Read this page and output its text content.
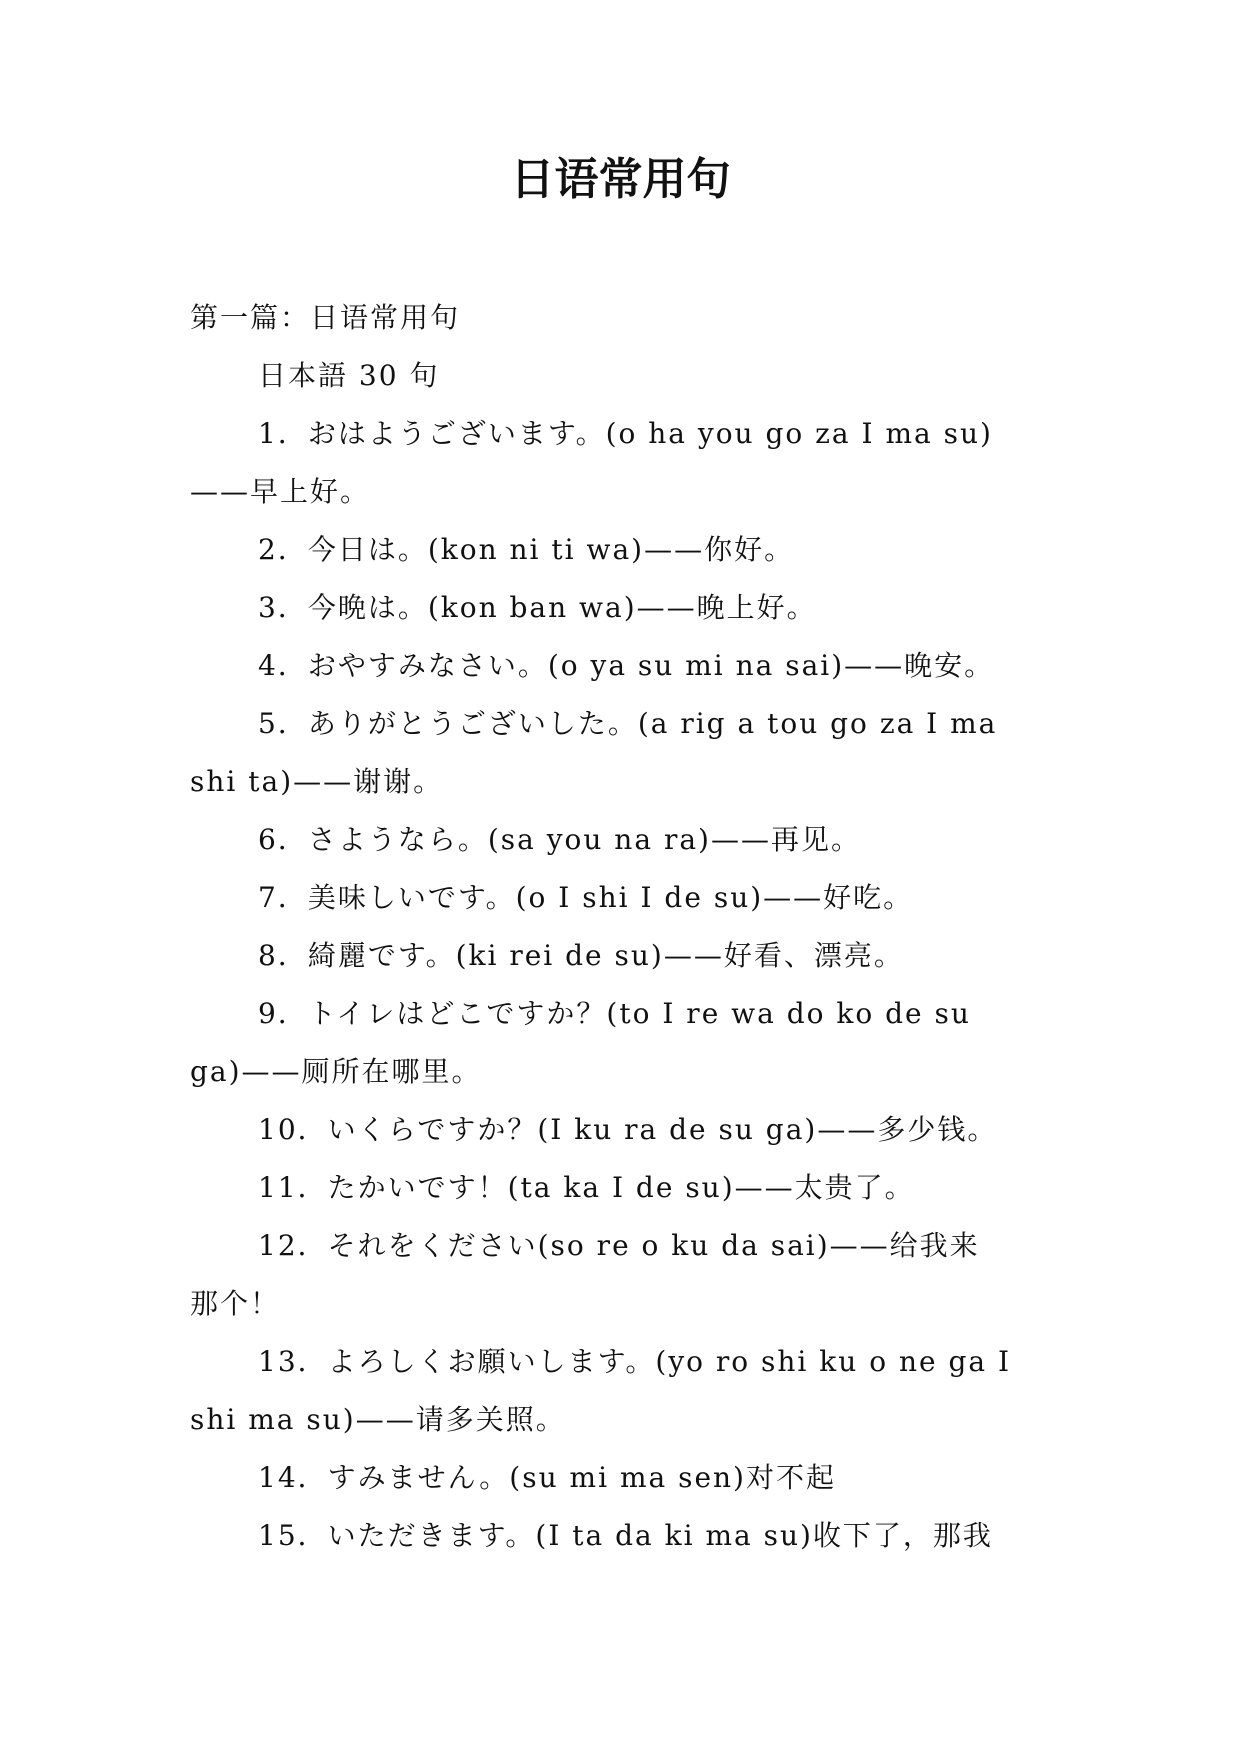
日语常用句

第一篇：日语常用句

日本語 30 句

1．おはようございます。(o ha you go za I ma su)

——早上好。

2．今日は。(kon ni ti wa)——你好。

3．今晩は。(kon ban wa)——晚上好。

4．おやすみなさい。(o ya su mi na sai)——晚安。

5．ありがとうございした。(a rig a tou go za I ma

shi ta)——谢谢。

6．さようなら。(sa you na ra)——再见。

7．美味しいです。(o I shi I de su)——好吃。

8．綺麗です。(ki rei de su)——好看、漂亮。

9．トイレはどこですか？(to I re wa do ko de su

ga)——厕所在哪里。

10．いくらですか？(I ku ra de su ga)——多少钱。

11．たかいです！(ta ka I de su)——太贵了。

12．それをください(so re o ku da sai)——给我来

那个！

13．よろしくお願いします。(yo ro shi ku o ne ga I

shi ma su)——请多关照。

14．すみません。(su mi ma sen)对不起

15．いただきます。(I ta da ki ma su)收下了，那我
